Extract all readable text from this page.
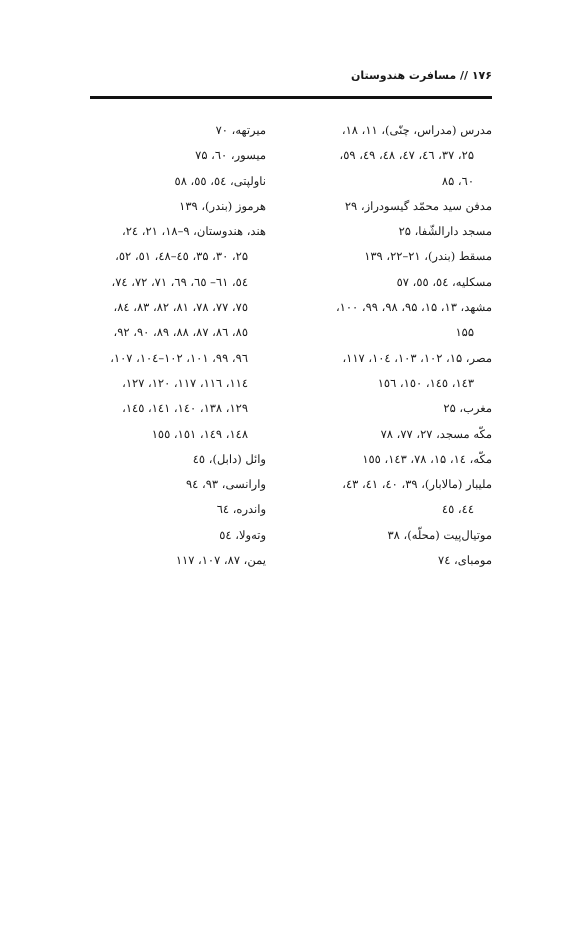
۱۷۶ // مسافرت هندوستان
مدرس (مدراس، چنّی)، ۱۱، ۱۸،
۲۵، ۳۷، ٤٦، ٤٧، ٤٨، ٤٩، ٥٩،
٦٠، ۸۵
مدفن سید محمّد گیسودراز، ۲۹
مسجد دارالشّفا، ۲۵
مسقط (بندر)، ۲۱–۲۲، ۱۳۹
مسکلیه، ٥٤، ٥٥، ٥٧
مشهد، ۱۳، ۱۵، ۹۵، ۹۸، ۹۹، ۱۰۰،
۱۵۵
مصر، ۱۵، ۱۰۲، ۱۰۳، ۱۰٤، ۱۱۷،
۱٤۳، ۱٤٥، ۱٥۰، ۱٥٦
مغرب، ۲۵
مکّه مسجد، ۲۷، ۷۷، ۷۸
مکّه، ۱٤، ۱۵، ۷۸، ۱٤۳، ۱٥٥
ملیبار (مالابار)، ۳۹، ٤٠، ٤١، ٤٣،
٤٤، ٤٥
موتیال‌پیت (محلّه)، ۳۸
مومبای، ٧٤
میرتهه، ۷۰
میسور، ٦٠، ۷۵
ناولپتی، ٥٤، ٥٥، ٥٨
هرموز (بندر)، ۱۳۹
هند، هندوستان، ۹–۱۸، ۲۱، ۲٤،
۲۵، ۳۰، ۳۵، ٤٥–٤٨، ٥١، ٥٢،
٥٤، ٦١– ٦٥، ٦٩، ٧١، ٧٢، ٧٤،
٧٥، ٧٧، ٧٨، ٨١، ٨٢، ٨٣، ٨٤،
٨٥، ٨٦، ٨٧، ٨٨، ٨٩، ٩٠، ٩٢،
٩٦، ٩٩، ١٠١، ١٠٢–١٠٤، ١٠٧،
١١٤، ١١٦، ١١٧، ١٢٠، ١٢٧،
١٢٩، ١٣٨، ١٤٠، ١٤١، ١٤٥،
١٤٨، ١٤٩، ١٥١، ١٥٥
وائل (دابل)، ٤٥
وارانسی، ۹۳، ۹٤
واندره، ٦٤
وته‌ولا، ٥٤
یمن، ۸۷، ۱۰۷، ۱۱۷
